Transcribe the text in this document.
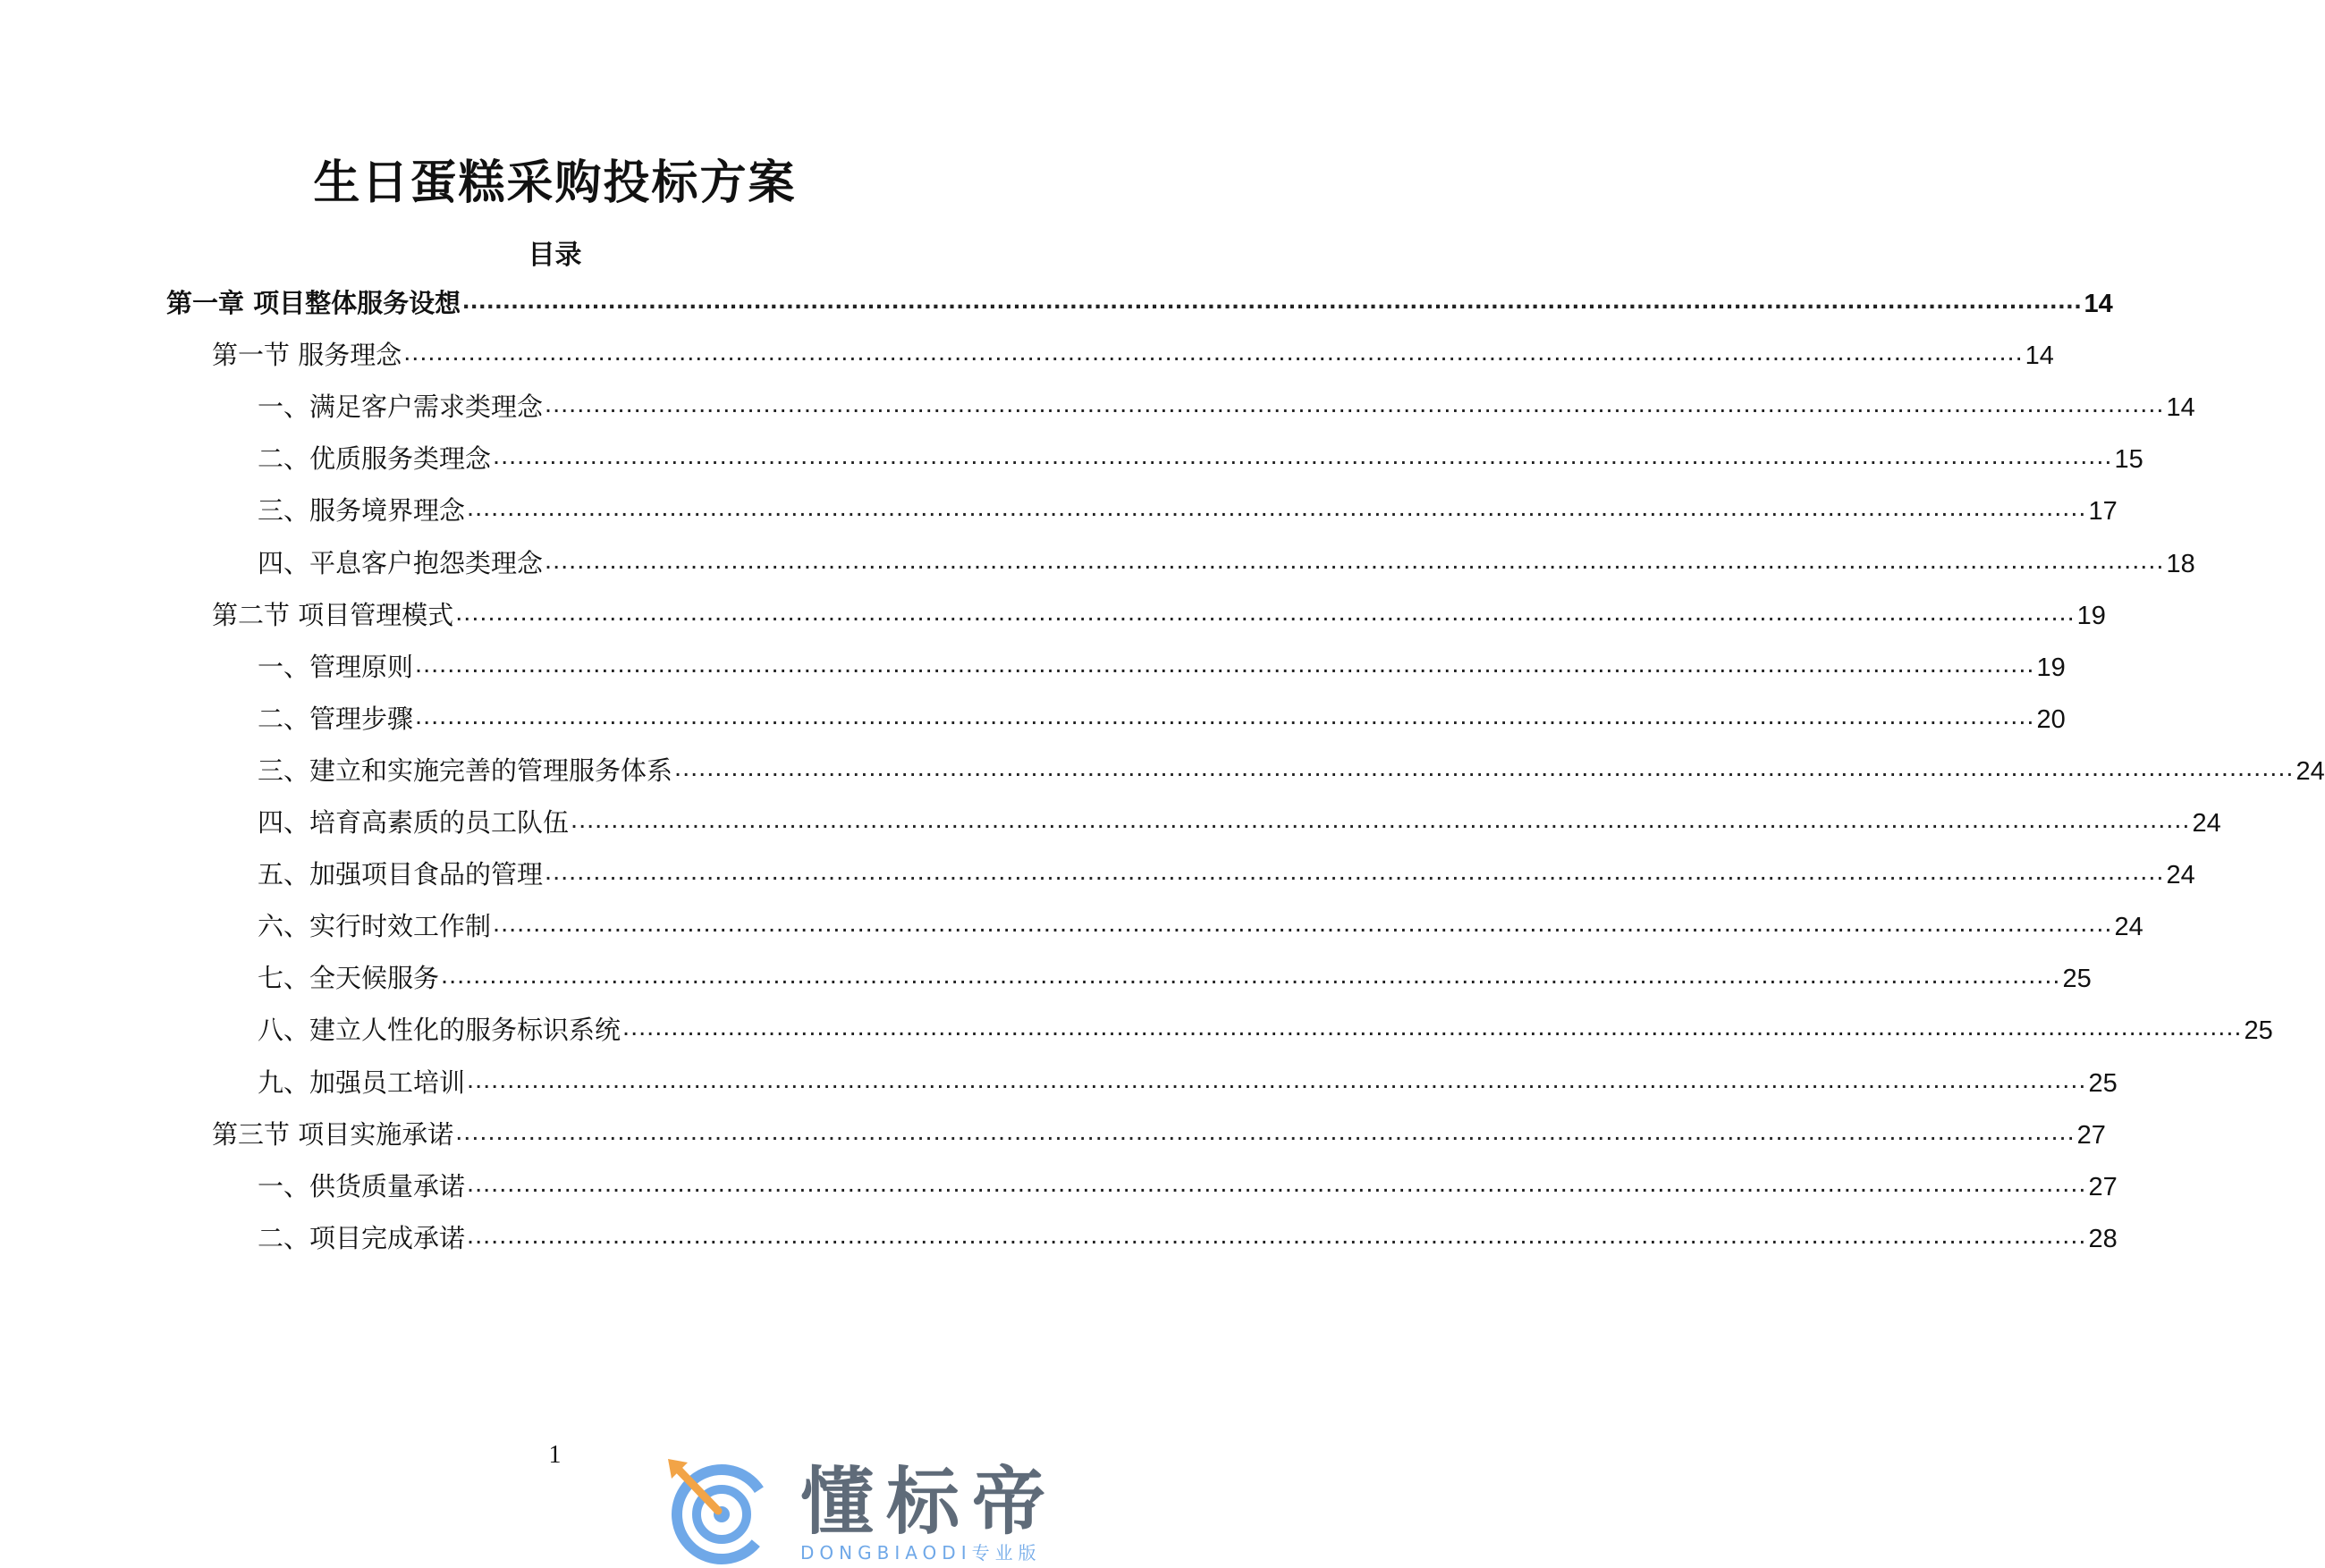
生日蛋糕采购投标方案
目录
第一章 项目整体服务设想 ........................................................................................................................................................................................................ 14
第一节 服务理念 ........................................................................................................................................................................................................ 14
一、满足客户需求类理念 ........................................................................................................................................................................................................ 14
二、优质服务类理念 ........................................................................................................................................................................................................ 15
三、服务境界理念 ........................................................................................................................................................................................................ 17
四、平息客户抱怨类理念 ........................................................................................................................................................................................................ 18
第二节 项目管理模式 ........................................................................................................................................................................................................ 19
一、管理原则 ........................................................................................................................................................................................................ 19
二、管理步骤 ........................................................................................................................................................................................................ 20
三、建立和实施完善的管理服务体系 ........................................................................................................................................................................................................ 24
四、培育高素质的员工队伍 ........................................................................................................................................................................................................ 24
五、加强项目食品的管理 ........................................................................................................................................................................................................ 24
六、实行时效工作制 ........................................................................................................................................................................................................ 24
七、全天候服务 ........................................................................................................................................................................................................ 25
八、建立人性化的服务标识系统 ........................................................................................................................................................................................................ 25
九、加强员工培训 ........................................................................................................................................................................................................ 25
第三节 项目实施承诺 ........................................................................................................................................................................................................ 27
一、供货质量承诺 ........................................................................................................................................................................................................ 27
二、项目完成承诺 ........................................................................................................................................................................................................ 28
1
懂标帝
DONGBIAODI专业版
